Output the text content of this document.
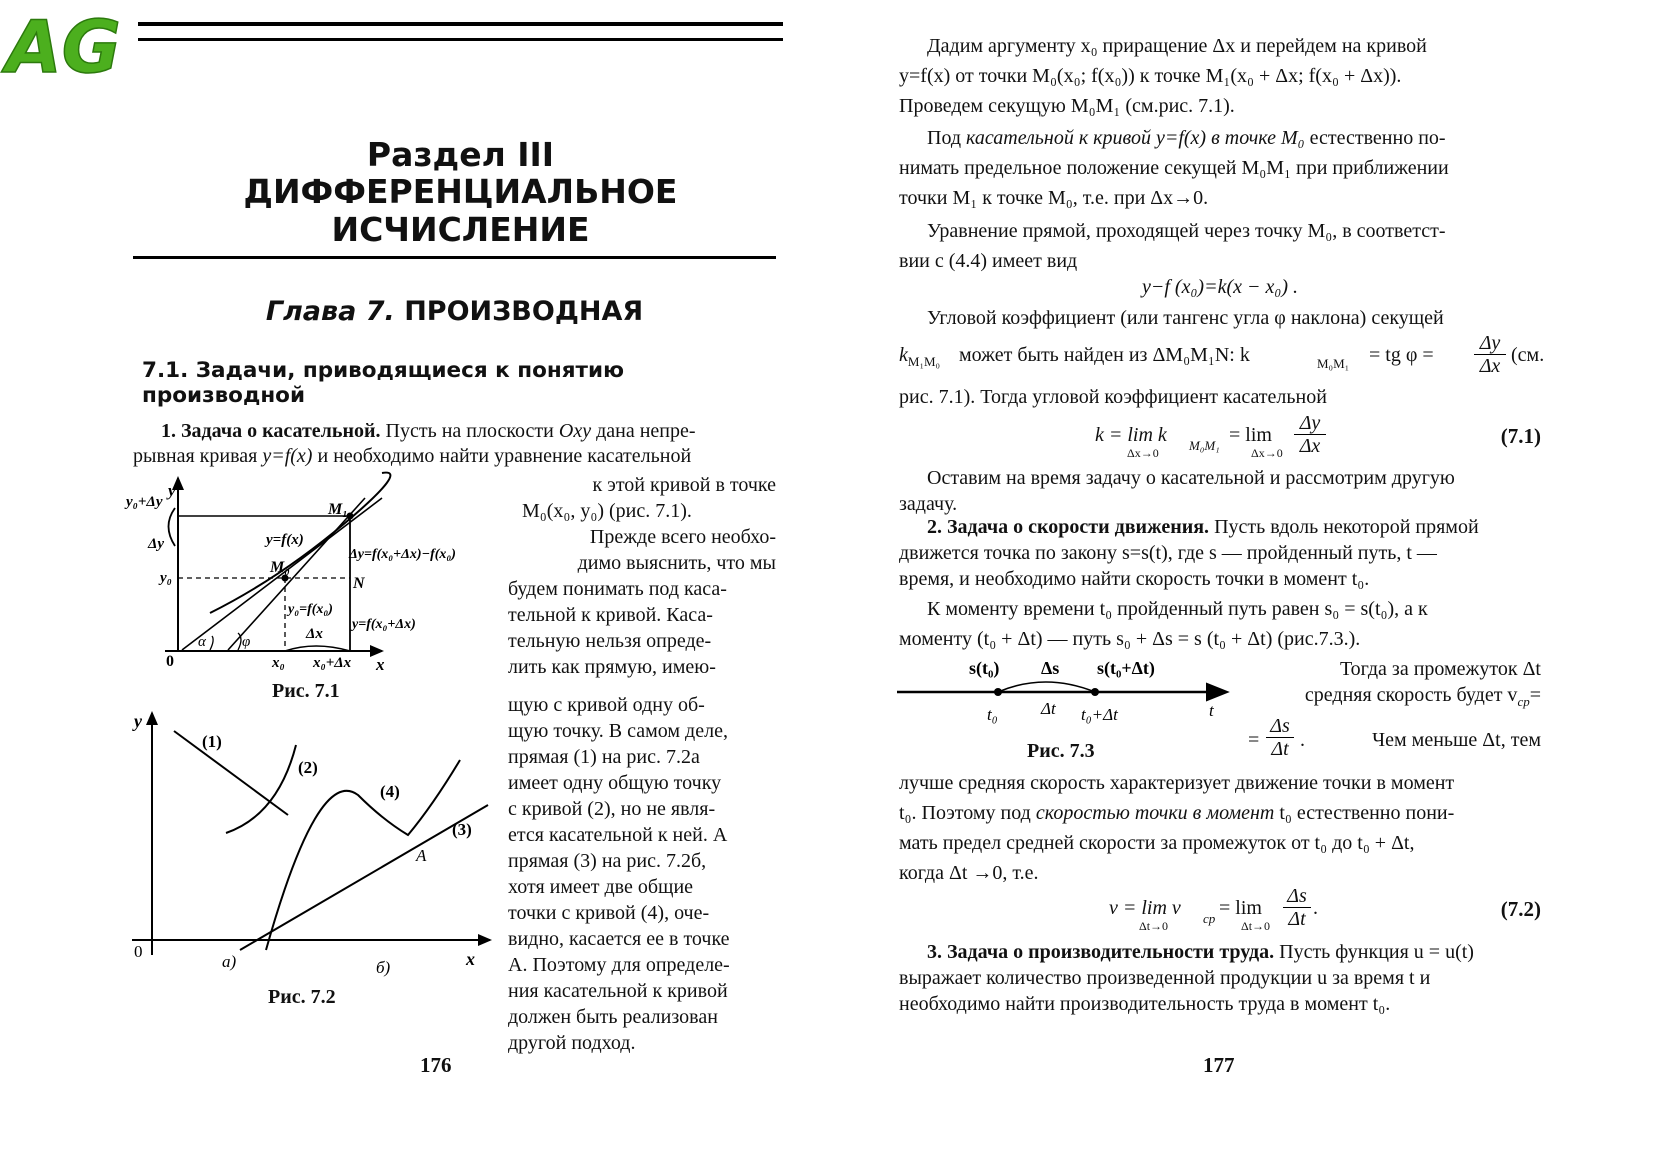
AG
Раздел III
ДИФФЕРЕНЦИАЛЬНОЕ
ИСЧИСЛЕНИЕ
Глава 7. ПРОИЗВОДНАЯ
7.1. Задачи, приводящиеся к понятию производной
1. Задача о касательной. Пусть на плоскости Oxy дана непре-
рывная кривая y=f(x) и необходимо найти уравнение касательной
к этой кривой в точке
M₀(x₀, y₀) (рис. 7.1).
Прежде всего необхо-
димо выяснить, что мы
будем понимать под каса-
тельной к кривой. Каса-
тельную нельзя опреде-
лить как прямую, имею-
щую с кривой одну об-
щую точку. В самом деле,
прямая (1) на рис. 7.2а
имеет одну общую точку
с кривой (2), но не явля-
ется касательной к ней. А
прямая (3) на рис. 7.2б,
хотя имеет две общие
точки с кривой (4), оче-
видно, касается ее в точке
A. Поэтому для определе-
ния касательной к кривой
должен быть реализован
другой подход.
y
y₀+Δy
Δy
y₀
0	x
M₁
M₀
N
y=f(x)
Δy=f(x₀+Δx)−f(x₀)
y₀=f(x₀)
y=f(x₀+Δx)
Δx
α φ
x₀ x₀+Δx
Рис. 7.1
y
x
0
(1)
(2)
(3)
(4)
A
а)	б)
Рис. 7.2
176
Дадим аргументу x₀ приращение Δx и перейдем на кривой
y=f(x) от точки M₀(x₀; f(x₀)) к точке M₁(x₀ + Δx; f(x₀ + Δx)).
Проведем секущую M₀M₁ (см.рис. 7.1).
Под касательной к кривой y=f(x) в точке M₀ естественно по-
нимать предельное положение секущей M₀M₁ при приближении
точки M₁ к точке M₀, т.е. при Δx→0.
Уравнение прямой, проходящей через точку M₀, в соответст-
вии с (4.4) имеет вид
y−f (x₀)=k(x − x₀) .
Угловой коэффициент (или тангенс угла φ наклона) секущей
$k_{M_1M_0}$ может быть найден из ΔM₀M₁N: k	M₀M₁ = tg φ =
Δy
Δx (см.
рис. 7.1). Тогда угловой коэффициент касательной
k = lim k M₀M₁ = lim
Δx→0	Δx→0
Δy
Δx	(7.1)
Оставим на время задачу о касательной и рассмотрим другую
задачу.
2. Задача о скорости движения. Пусть вдоль некоторой прямой
движется точка по закону s=s(t), где s — пройденный путь, t —
время, и необходимо найти скорость точки в момент t₀.
К моменту времени t₀ пройденный путь равен s₀ = s(t₀), а к
моменту (t₀ + Δt) — путь s₀ + Δs = s (t₀ + Δt) (рис.7.3.).
s(t₀) Δs s(t₀+Δt)
t₀	Δt t₀+Δt	t
Рис. 7.3
Тогда за промежуток Δt
средняя скорость будет $v_{cp}=$
=
Δs
Δt .	Чем меньше Δt, тем
лучше средняя скорость характеризует движение точки в момент
t₀. Поэтому под скоростью точки в момент t₀ естественно пони-
мать предел средней скорости за промежуток от t₀ до t₀ + Δt,
когда Δt →0, т.е.
v = lim v cp = lim
Δt→0	Δt→0
Δs
Δt .	(7.2)
3. Задача о производительности труда. Пусть функция u = u(t)
выражает количество произведенной продукции u за время t и
необходимо найти производительность труда в момент t₀.
177
